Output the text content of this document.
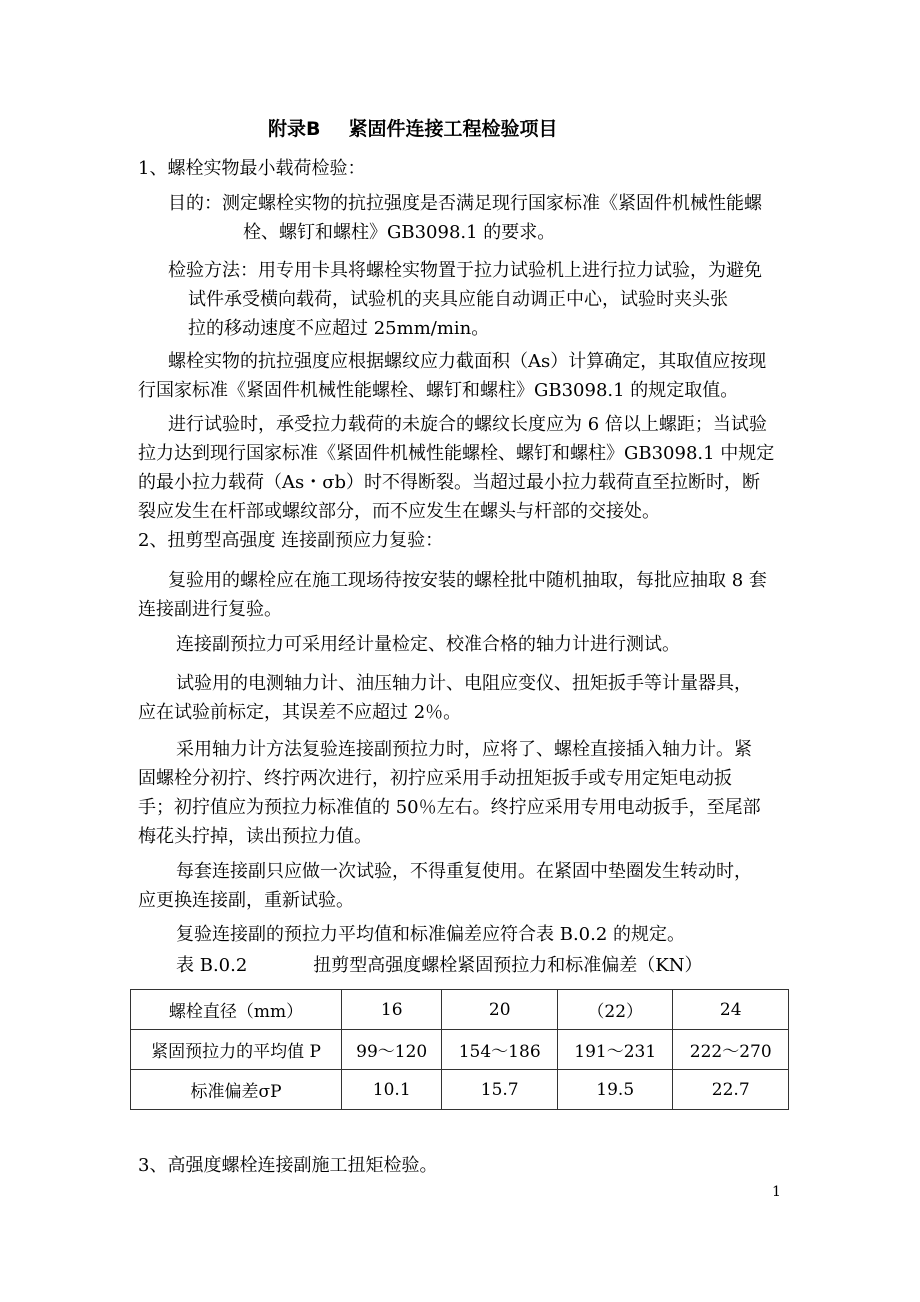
附录B 紧固件连接工程检验项目
1、螺栓实物最小载荷检验：
目的：测定螺栓实物的抗拉强度是否满足现行国家标准《紧固件机械性能螺
栓、螺钉和螺柱》GB3098.1 的要求。
检验方法：用专用卡具将螺栓实物置于拉力试验机上进行拉力试验，为避免
试件承受横向载荷，试验机的夹具应能自动调正中心，试验时夹头张
拉的移动速度不应超过 25mm/min。
螺栓实物的抗拉强度应根据螺纹应力截面积（As）计算确定，其取值应按现
行国家标准《紧固件机械性能螺栓、螺钉和螺柱》GB3098.1 的规定取值。
进行试验时，承受拉力载荷的未旋合的螺纹长度应为 6 倍以上螺距；当试验
拉力达到现行国家标准《紧固件机械性能螺栓、螺钉和螺柱》GB3098.1 中规定
的最小拉力载荷（As・σb）时不得断裂。当超过最小拉力载荷直至拉断时，断
裂应发生在杆部或螺纹部分，而不应发生在螺头与杆部的交接处。
2、扭剪型高强度 连接副预应力复验：
复验用的螺栓应在施工现场待按安装的螺栓批中随机抽取，每批应抽取 8 套
连接副进行复验。
连接副预拉力可采用经计量检定、校准合格的轴力计进行测试。
试验用的电测轴力计、油压轴力计、电阻应变仪、扭矩扳手等计量器具，
应在试验前标定，其误差不应超过 2％。
采用轴力计方法复验连接副预拉力时，应将了、螺栓直接插入轴力计。紧
固螺栓分初拧、终拧两次进行，初拧应采用手动扭矩扳手或专用定矩电动扳
手；初拧值应为预拉力标准值的 50％左右。终拧应采用专用电动扳手，至尾部
梅花头拧掉，读出预拉力值。
每套连接副只应做一次试验，不得重复使用。在紧固中垫圈发生转动时，
应更换连接副，重新试验。
复验连接副的预拉力平均值和标准偏差应符合表 B.0.2 的规定。
表 B.0.2	扭剪型高强度螺栓紧固预拉力和标准偏差（KN）
螺栓直径（mm）	16	20	（22）	24
紧固预拉力的平均值 P	99～120	154～186	191～231	222～270
标准偏差σP	10.1	15.7	19.5	22.7
3、高强度螺栓连接副施工扭矩检验。
1
